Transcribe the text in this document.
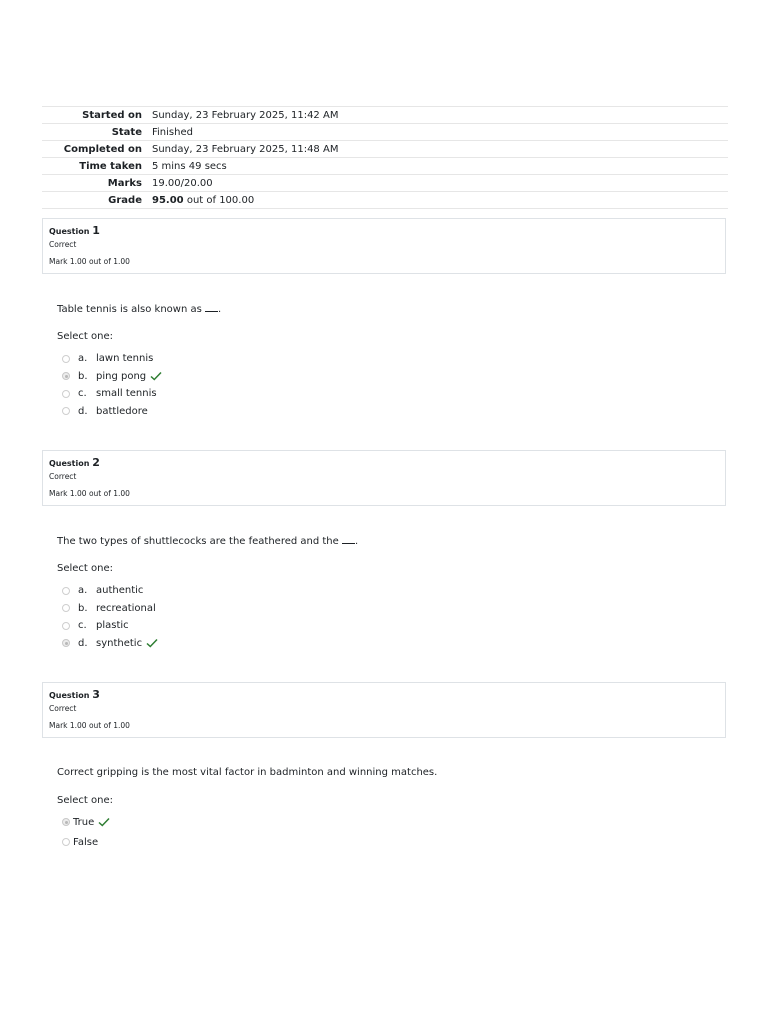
Started on	Sunday, 23 February 2025, 11:42 AM
State	Finished
Completed on	Sunday, 23 February 2025, 11:48 AM
Time taken	5 mins 49 secs
Marks	19.00/20.00
Grade	95.00 out of 100.00
Question 1
Correct
Mark 1.00 out of 1.00
Table tennis is also known as .
Select one:
a. lawn tennis
b. ping pong
c. small tennis
d. battledore
Question 2
Correct
Mark 1.00 out of 1.00
The two types of shuttlecocks are the feathered and the .
Select one:
a. authentic
b. recreational
c. plastic
d. synthetic
Question 3
Correct
Mark 1.00 out of 1.00
Correct gripping is the most vital factor in badminton and winning matches.
Select one:
True
False
